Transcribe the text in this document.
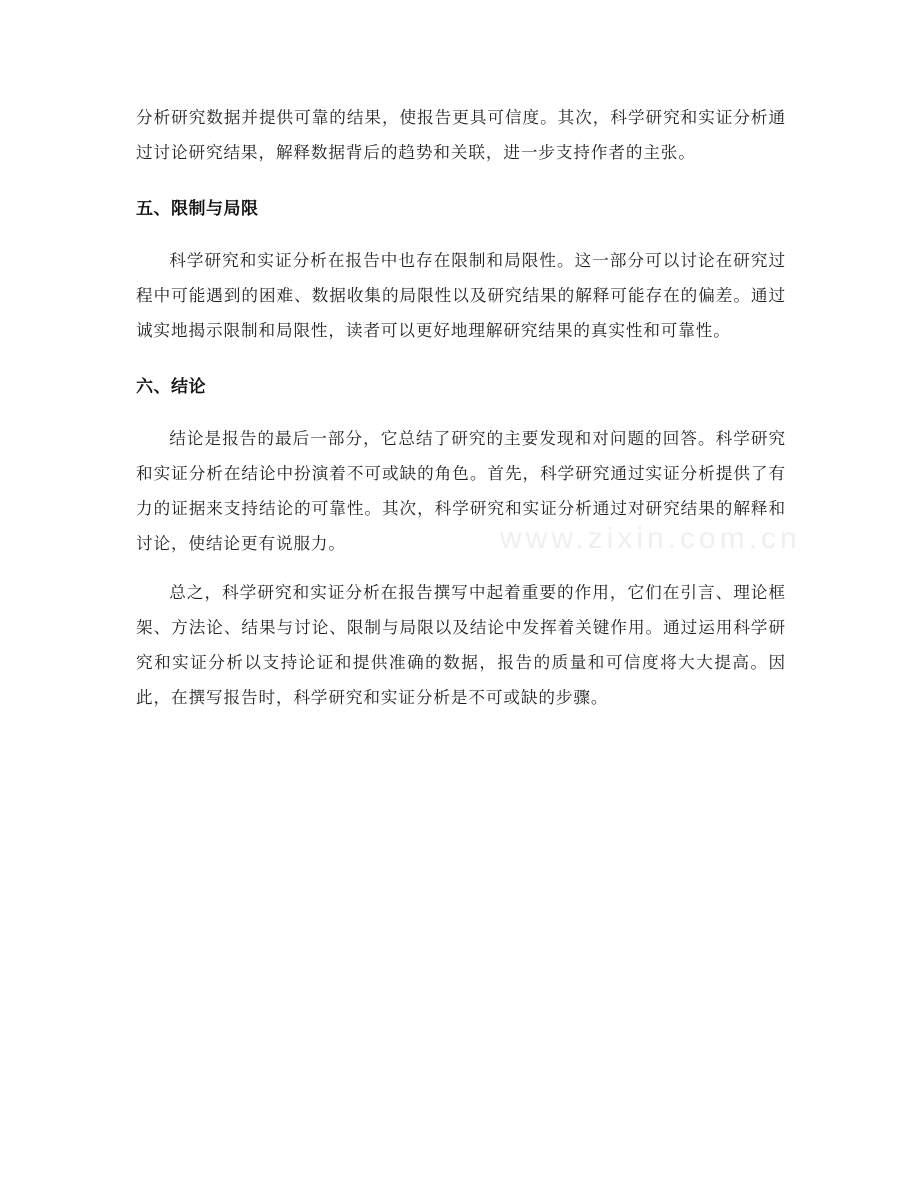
分析研究数据并提供可靠的结果，使报告更具可信度。其次，科学研究和实证分析通过讨论研究结果，解释数据背后的趋势和关联，进一步支持作者的主张。

五、限制与局限

科学研究和实证分析在报告中也存在限制和局限性。这一部分可以讨论在研究过程中可能遇到的困难、数据收集的局限性以及研究结果的解释可能存在的偏差。通过诚实地揭示限制和局限性，读者可以更好地理解研究结果的真实性和可靠性。

六、结论

结论是报告的最后一部分，它总结了研究的主要发现和对问题的回答。科学研究和实证分析在结论中扮演着不可或缺的角色。首先，科学研究通过实证分析提供了有力的证据来支持结论的可靠性。其次，科学研究和实证分析通过对研究结果的解释和讨论，使结论更有说服力。

总之，科学研究和实证分析在报告撰写中起着重要的作用，它们在引言、理论框架、方法论、结果与讨论、限制与局限以及结论中发挥着关键作用。通过运用科学研究和实证分析以支持论证和提供准确的数据，报告的质量和可信度将大大提高。因此，在撰写报告时，科学研究和实证分析是不可或缺的步骤。

www.zixin.com.cn
